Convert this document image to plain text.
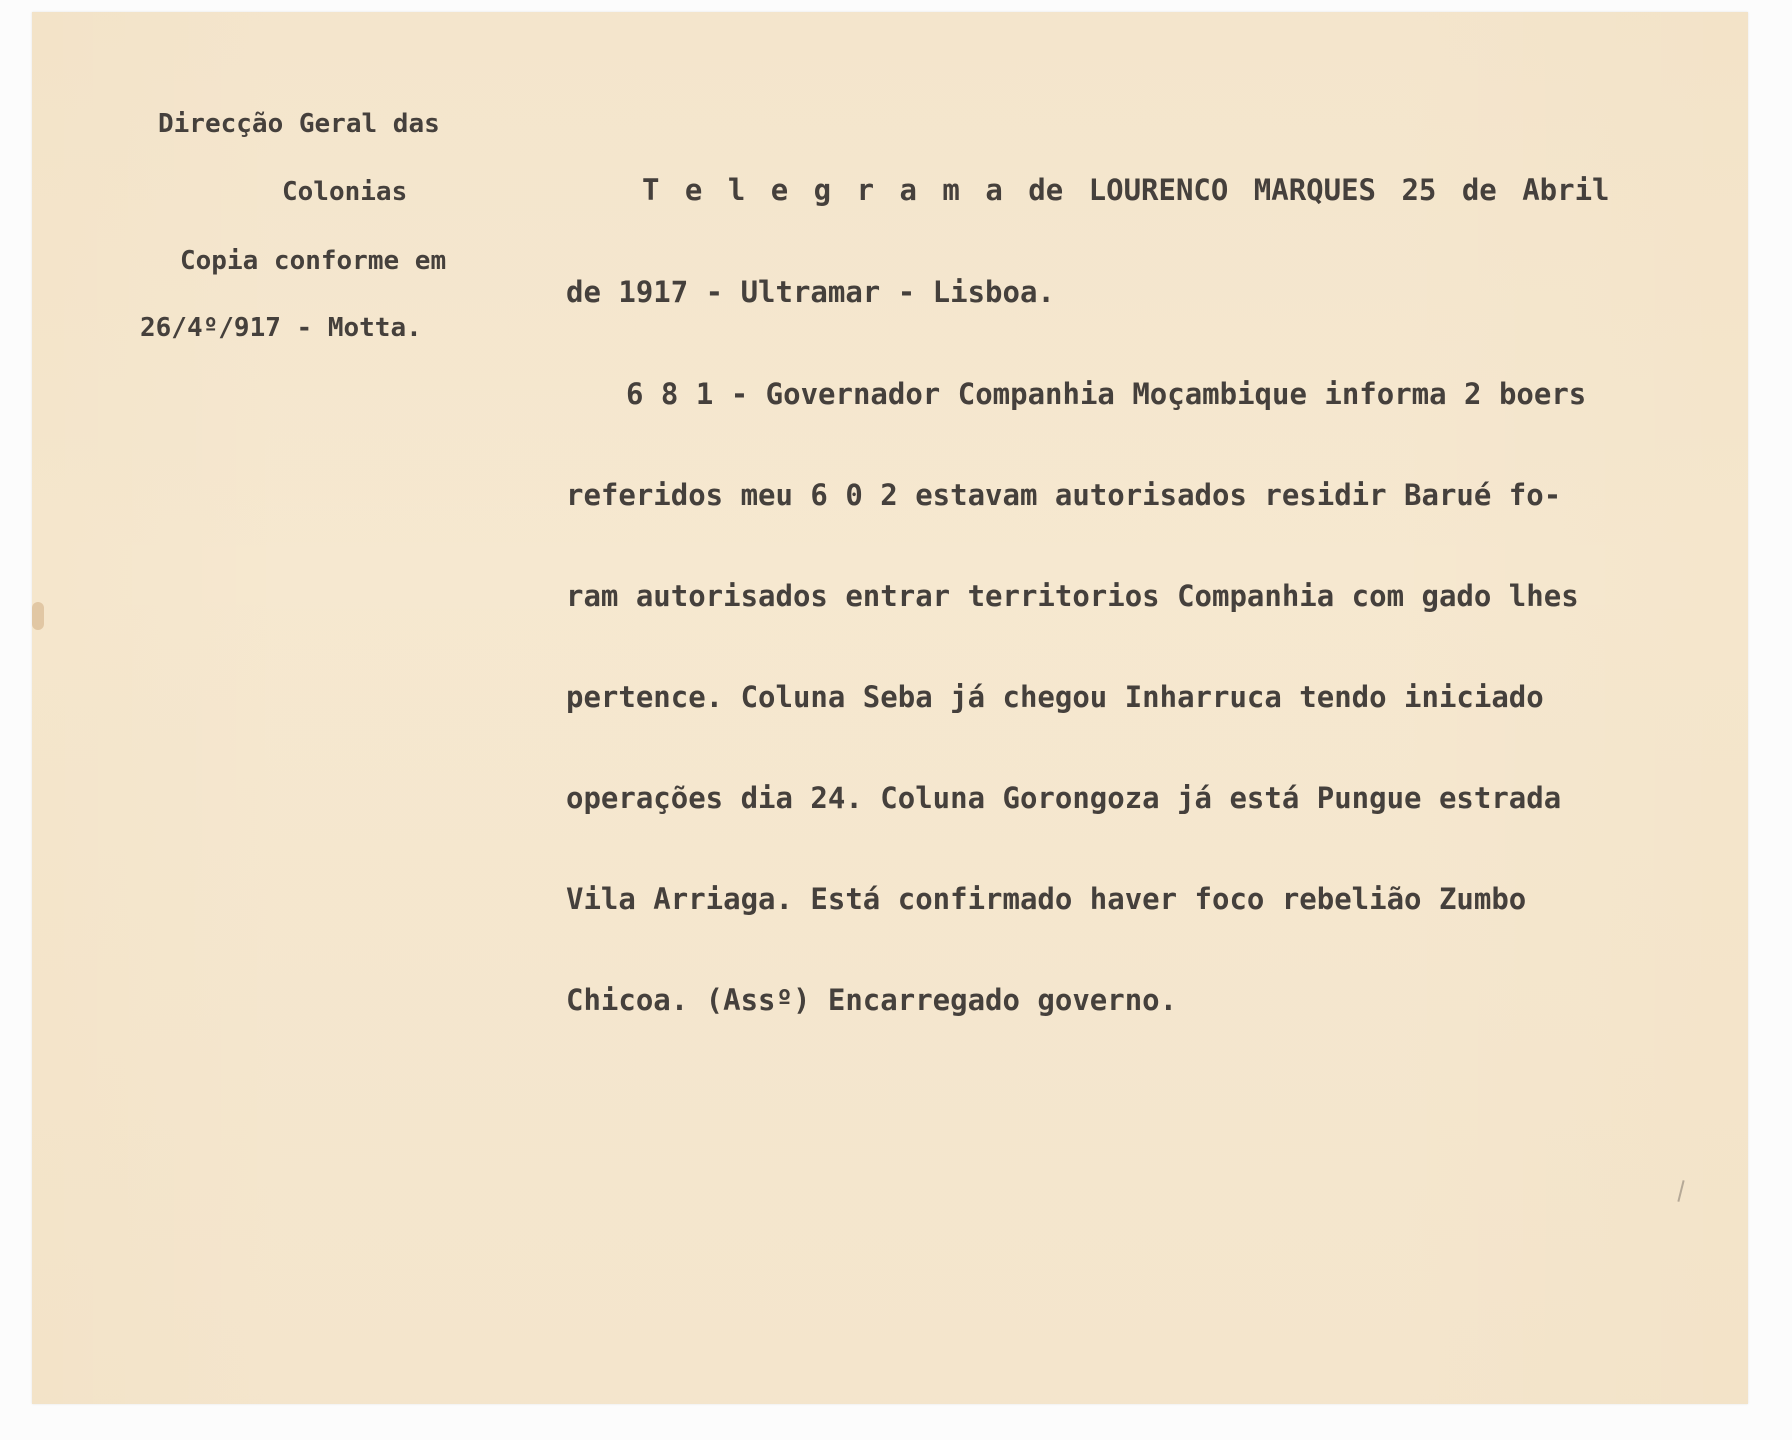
Direcção Geral das

Colonias

Copia conforme em

26/4º/917 - Motta.

T e l e g r a m a de LOURENCO MARQUES 25 de Abril

de 1917 - Ultramar - Lisboa.

6 8 1 - Governador Companhia Moçambique informa 2 boers

referidos meu 6 0 2 estavam autorisados residir Barué fo-

ram autorisados entrar territorios Companhia com gado lhes

pertence. Coluna Seba já chegou Inharruca tendo iniciado

operações dia 24. Coluna Gorongoza já está Pungue estrada

Vila Arriaga. Está confirmado haver foco rebelião Zumbo

Chicoa. (Assº) Encarregado governo.
